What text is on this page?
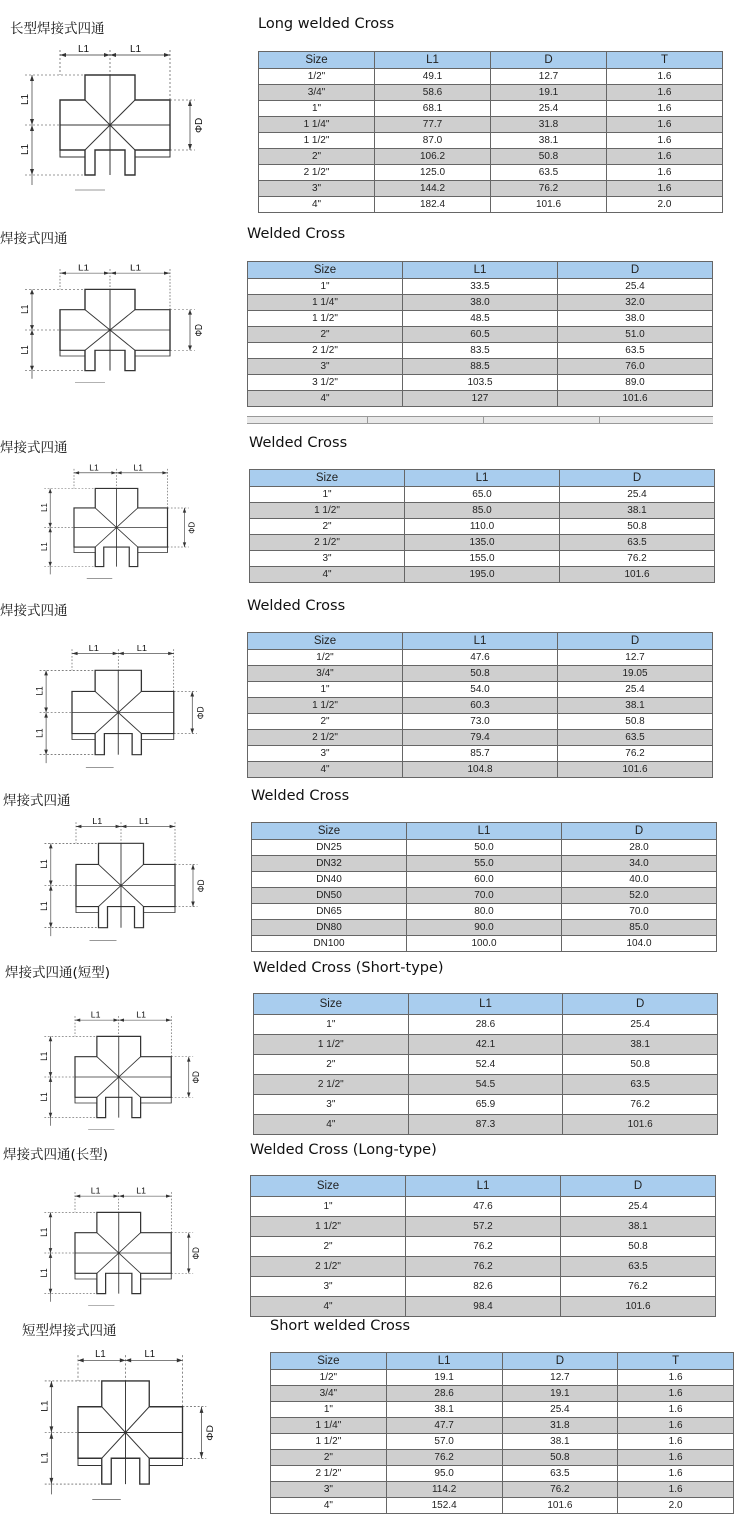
长型焊接式四通	Long welded Cross
L1	L1
L1
L1
ΦD
Size	L1	D	T
1/2"	49.1	12.7	1.6
3/4"	58.6	19.1	1.6
1"	68.1	25.4	1.6
1 1/4"	77.7	31.8	1.6
1 1/2"	87.0	38.1	1.6
2"	106.2	50.8	1.6
2 1/2"	125.0	63.5	1.6
3"	144.2	76.2	1.6
4"	182.4	101.6	2.0
焊接式四通	Welded Cross
L1	L1
L1
L1
ΦD
Size	L1	D
1"	33.5	25.4
1 1/4"	38.0	32.0
1 1/2"	48.5	38.0
2"	60.5	51.0
2 1/2"	83.5	63.5
3"	88.5	76.0
3 1/2"	103.5	89.0
4"	127	101.6
焊接式四通	Welded Cross
L1	L1
L1
L1
ΦD
Size	L1	D
1"	65.0	25.4
1 1/2"	85.0	38.1
2"	110.0	50.8
2 1/2"	135.0	63.5
3"	155.0	76.2
4"	195.0	101.6
焊接式四通	Welded Cross
L1	L1
L1
L1
ΦD
Size	L1	D
1/2"	47.6	12.7
3/4"	50.8	19.05
1"	54.0	25.4
1 1/2"	60.3	38.1
2"	73.0	50.8
2 1/2"	79.4	63.5
3"	85.7	76.2
4"	104.8	101.6
焊接式四通	Welded Cross
L1	L1
L1
L1
ΦD
Size	L1	D
DN25	50.0	28.0
DN32	55.0	34.0
DN40	60.0	40.0
DN50	70.0	52.0
DN65	80.0	70.0
DN80	90.0	85.0
DN100	100.0	104.0
焊接式四通(短型)	Welded Cross (Short-type)
L1	L1
L1
L1
ΦD
Size	L1	D
1"	28.6	25.4
1 1/2"	42.1	38.1
2"	52.4	50.8
2 1/2"	54.5	63.5
3"	65.9	76.2
4"	87.3	101.6
焊接式四通(长型)	Welded Cross (Long-type)
L1	L1
L1
L1
ΦD
Size	L1	D
1"	47.6	25.4
1 1/2"	57.2	38.1
2"	76.2	50.8
2 1/2"	76.2	63.5
3"	82.6	76.2
4"	98.4	101.6
短型焊接式四通	Short welded Cross
L1	L1
L1
L1
ΦD
Size	L1	D	T
1/2"	19.1	12.7	1.6
3/4"	28.6	19.1	1.6
1"	38.1	25.4	1.6
1 1/4"	47.7	31.8	1.6
1 1/2"	57.0	38.1	1.6
2"	76.2	50.8	1.6
2 1/2"	95.0	63.5	1.6
3"	114.2	76.2	1.6
4"	152.4	101.6	2.0
